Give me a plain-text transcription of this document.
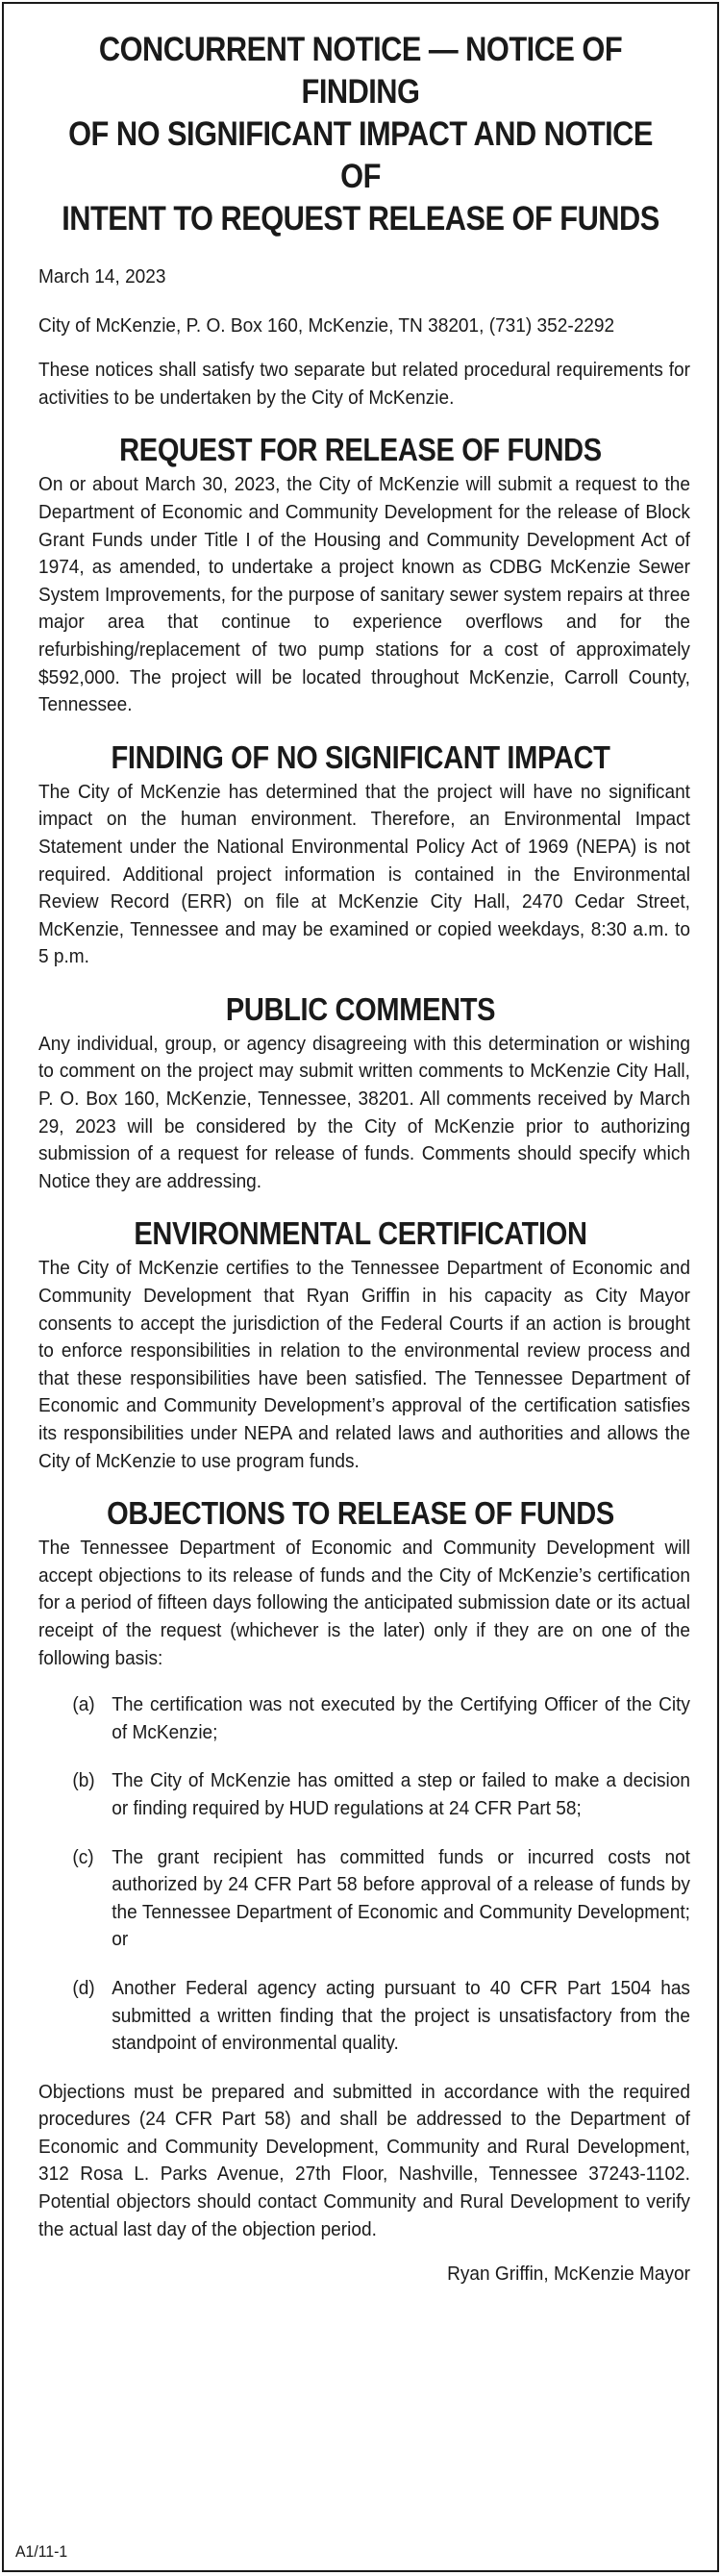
CONCURRENT NOTICE — NOTICE OF FINDING
OF NO SIGNIFICANT IMPACT AND NOTICE OF
INTENT TO REQUEST RELEASE OF FUNDS
March 14, 2023
City of McKenzie, P. O. Box 160, McKenzie, TN 38201, (731) 352-2292
These notices shall satisfy two separate but related procedural requirements for activities to be undertaken by the City of McKenzie.
REQUEST FOR RELEASE OF FUNDS
On or about March 30, 2023, the City of McKenzie will submit a request to the Department of Economic and Community Development for the release of Block Grant Funds under Title I of the Housing and Community Development Act of 1974, as amended, to undertake a project known as CDBG McKenzie Sewer System Improvements, for the purpose of sanitary sewer system repairs at three major area that continue to experience overflows and for the refurbishing/replacement of two pump stations for a cost of approximately $592,000. The project will be located throughout McKenzie, Carroll County, Tennessee.
FINDING OF NO SIGNIFICANT IMPACT
The City of McKenzie has determined that the project will have no significant impact on the human environment. Therefore, an Environmental Impact Statement under the National Environmental Policy Act of 1969 (NEPA) is not required. Additional project information is contained in the Environmental Review Record (ERR) on file at McKenzie City Hall, 2470 Cedar Street, McKenzie, Tennessee and may be examined or copied weekdays, 8:30 a.m. to 5 p.m.
PUBLIC COMMENTS
Any individual, group, or agency disagreeing with this determination or wishing to comment on the project may submit written comments to McKenzie City Hall, P. O. Box 160, McKenzie, Tennessee, 38201. All comments received by March 29, 2023 will be considered by the City of McKenzie prior to authorizing submission of a request for release of funds. Comments should specify which Notice they are addressing.
ENVIRONMENTAL CERTIFICATION
The City of McKenzie certifies to the Tennessee Department of Economic and Community Development that Ryan Griffin in his capacity as City Mayor consents to accept the jurisdiction of the Federal Courts if an action is brought to enforce responsibilities in relation to the environmental review process and that these responsibilities have been satisfied. The Tennessee Department of Economic and Community Development’s approval of the certification satisfies its responsibilities under NEPA and related laws and authorities and allows the City of McKenzie to use program funds.
OBJECTIONS TO RELEASE OF FUNDS
The Tennessee Department of Economic and Community Development will accept objections to its release of funds and the City of McKenzie’s certification for a period of fifteen days following the anticipated submission date or its actual receipt of the request (whichever is the later) only if they are on one of the following basis:
(a) The certification was not executed by the Certifying Officer of the City of McKenzie;
(b) The City of McKenzie has omitted a step or failed to make a decision or finding required by HUD regulations at 24 CFR Part 58;
(c) The grant recipient has committed funds or incurred costs not authorized by 24 CFR Part 58 before approval of a release of funds by the Tennessee Department of Economic and Community Development; or
(d) Another Federal agency acting pursuant to 40 CFR Part 1504 has submitted a written finding that the project is unsatisfactory from the standpoint of environmental quality.
Objections must be prepared and submitted in accordance with the required procedures (24 CFR Part 58) and shall be addressed to the Department of Economic and Community Development, Community and Rural Development, 312 Rosa L. Parks Avenue, 27th Floor, Nashville, Tennessee 37243-1102. Potential objectors should contact Community and Rural Development to verify the actual last day of the objection period.
Ryan Griffin, McKenzie Mayor
A1/11-1
